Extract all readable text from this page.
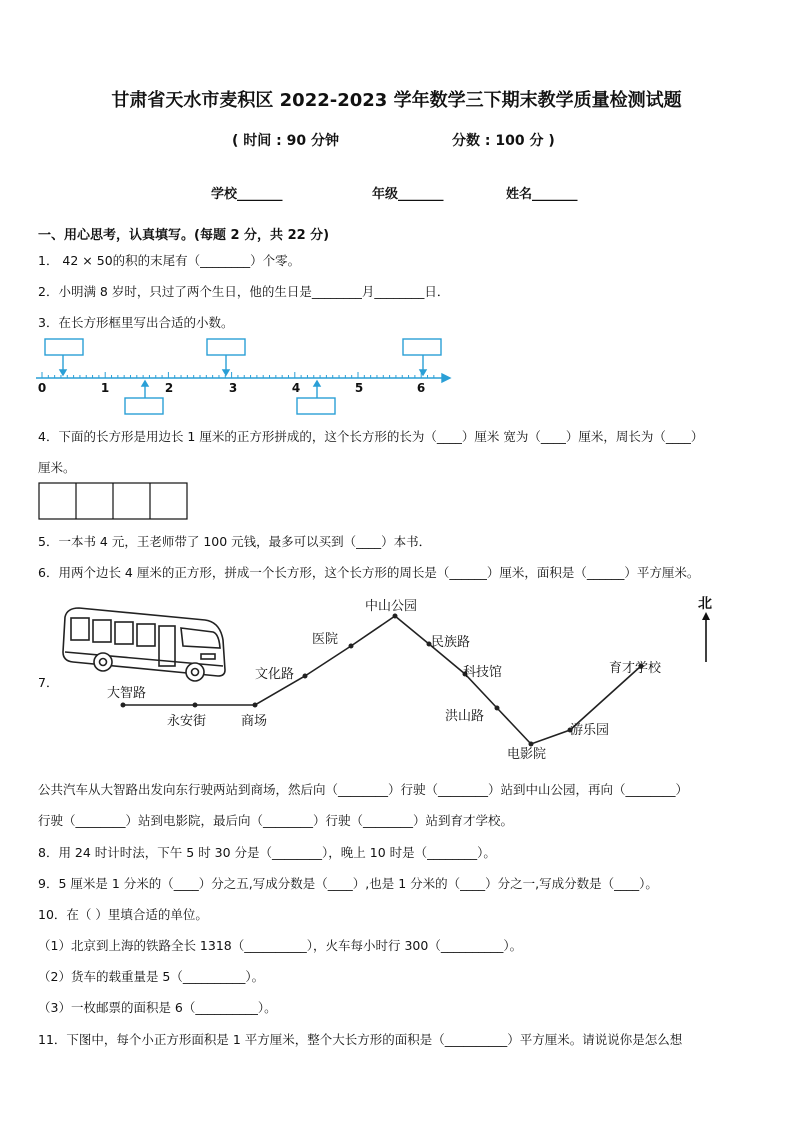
甘肃省天水市麦积区 2022-2023 学年数学三下期末教学质量检测试题
( 时间 : 90 分钟	分数 : 100 分 )
学校_______	年级_______	姓名_______
一、用心思考，认真填写。(每题 2 分，共 22 分)
1． 42 × 50的积的末尾有（________）个零。
2．小明满 8 岁时，只过了两个生日，他的生日是________月________日．
3．在长方形框里写出合适的小数。
0	1	2	3	4	5	6
4．下面的长方形是用边长 1 厘米的正方形拼成的，这个长方形的长为（____）厘米 宽为（____）厘米，周长为（____）
厘米。
5．一本书 4 元，王老师带了 100 元钱，最多可以买到（____）本书．
6．用两个边长 4 厘米的正方形，拼成一个长方形，这个长方形的周长是（______）厘米，面积是（______）平方厘米。
7．
大智路
永安街	商场
文化路
医院
中山公园
民族路
科技馆
洪山路
电影院
游乐园
育才学校
北
公共汽车从大智路出发向东行驶两站到商场，然后向（________）行驶（________）站到中山公园，再向（________）
行驶（________）站到电影院，最后向（________）行驶（________）站到育才学校。
8．用 24 时计时法，下午 5 时 30 分是（________），晚上 10 时是（________）。
9．5 厘米是 1 分米的（____）分之五,写成分数是（____）,也是 1 分米的（____）分之一,写成分数是（____）。
10．在（ ）里填合适的单位。
（1）北京到上海的铁路全长 1318（__________），火车每小时行 300（__________）。
（2）货车的载重量是 5（__________）。
（3）一枚邮票的面积是 6（__________）。
11．下图中，每个小正方形面积是 1 平方厘米，整个大长方形的面积是（__________）平方厘米。请说说你是怎么想
